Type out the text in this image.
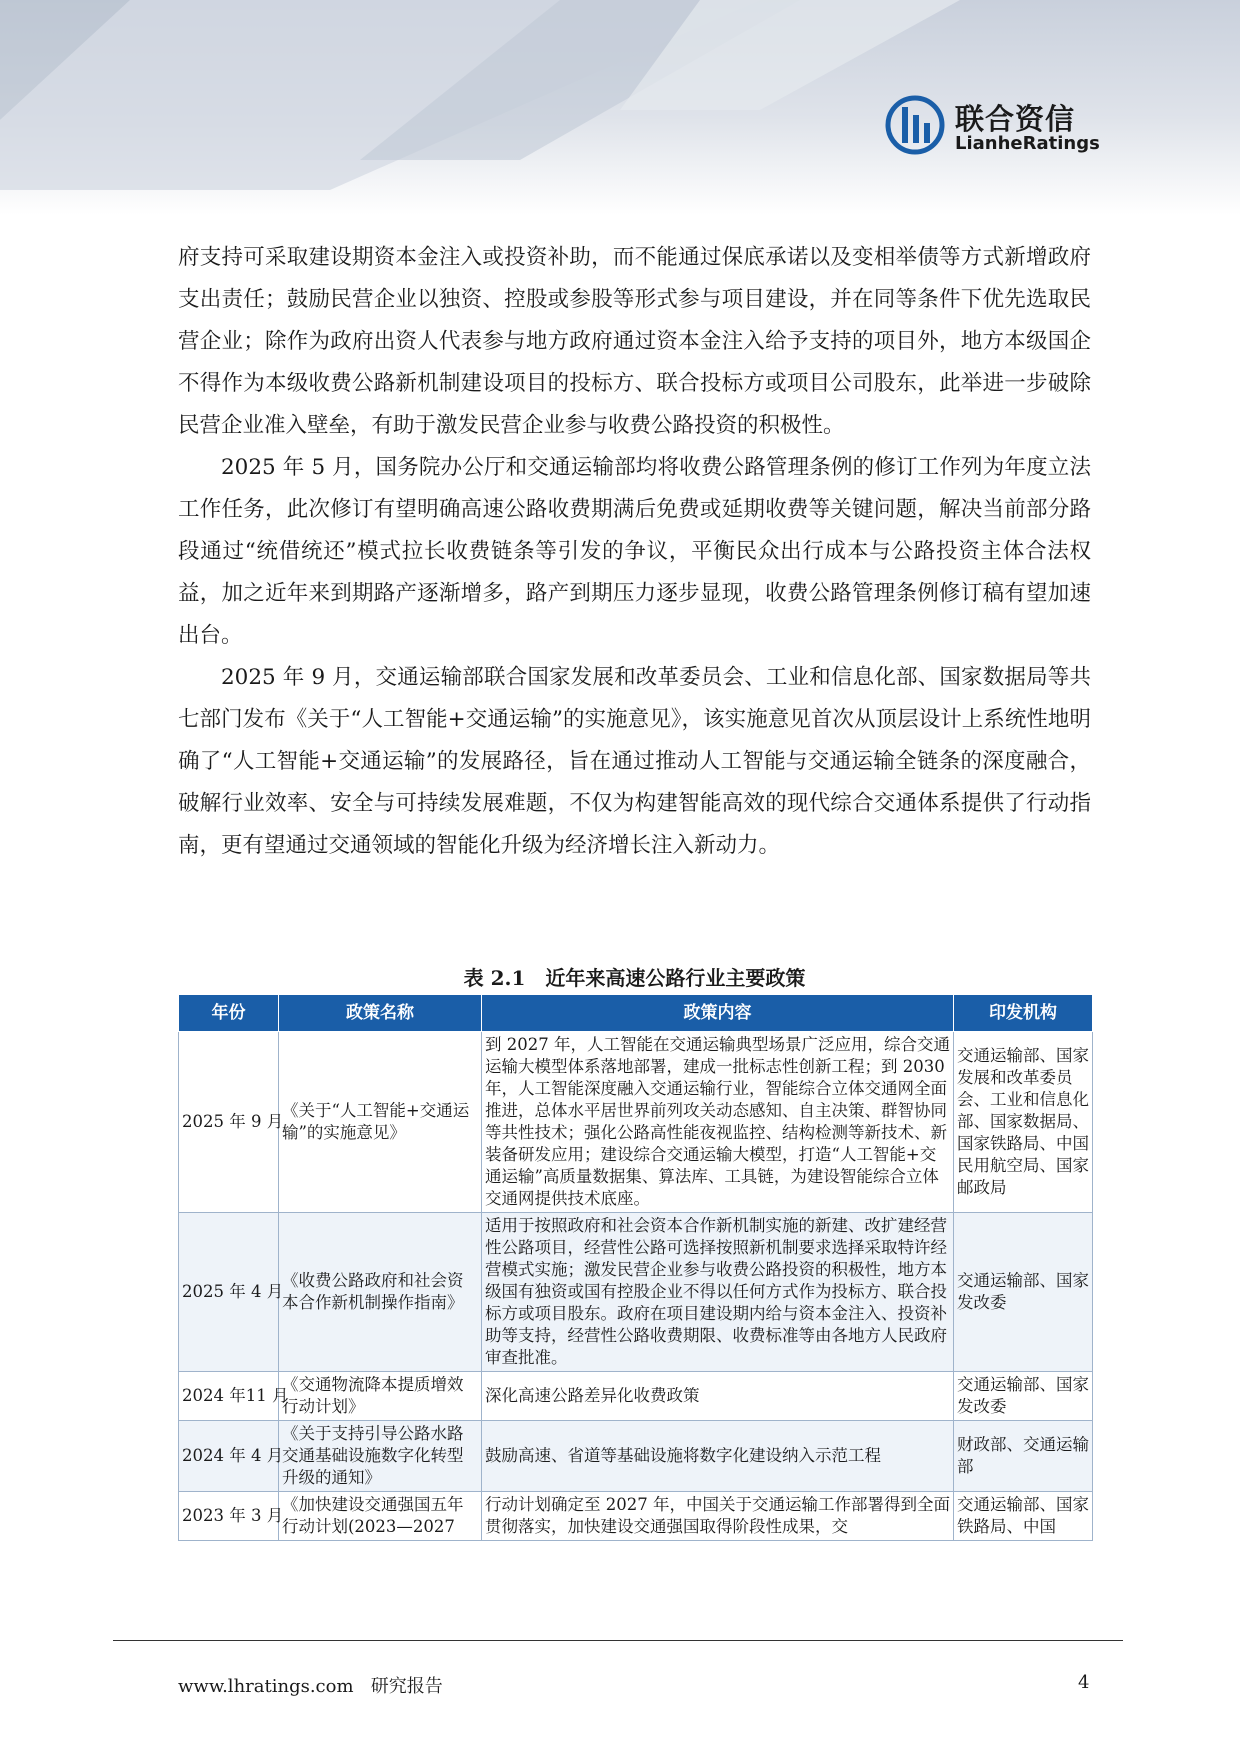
联合资信
LianheRatings

府支持可采取建设期资本金注入或投资补助，而不能通过保底承诺以及变相举债等方式新增政府支出责任；鼓励民营企业以独资、控股或参股等形式参与项目建设，并在同等条件下优先选取民营企业；除作为政府出资人代表参与地方政府通过资本金注入给予支持的项目外，地方本级国企不得作为本级收费公路新机制建设项目的投标方、联合投标方或项目公司股东，此举进一步破除民营企业准入壁垒，有助于激发民营企业参与收费公路投资的积极性。

2025 年 5 月，国务院办公厅和交通运输部均将收费公路管理条例的修订工作列为年度立法工作任务，此次修订有望明确高速公路收费期满后免费或延期收费等关键问题，解决当前部分路段通过“统借统还”模式拉长收费链条等引发的争议，平衡民众出行成本与公路投资主体合法权益，加之近年来到期路产逐渐增多，路产到期压力逐步显现，收费公路管理条例修订稿有望加速出台。

2025 年 9 月，交通运输部联合国家发展和改革委员会、工业和信息化部、国家数据局等共七部门发布《关于“人工智能+交通运输”的实施意见》，该实施意见首次从顶层设计上系统性地明确了“人工智能+交通运输”的发展路径，旨在通过推动人工智能与交通运输全链条的深度融合，破解行业效率、安全与可持续发展难题，不仅为构建智能高效的现代综合交通体系提供了行动指南，更有望通过交通领域的智能化升级为经济增长注入新动力。

表 2.1　近年来高速公路行业主要政策
年份	政策名称	政策内容	印发机构
2025 年 9 月	《关于“人工智能+交通运输”的实施意见》	到 2027 年，人工智能在交通运输典型场景广泛应用，综合交通运输大模型体系落地部署，建成一批标志性创新工程；到 2030 年，人工智能深度融入交通运输行业，智能综合立体交通网全面推进，总体水平居世界前列攻关动态感知、自主决策、群智协同等共性技术；强化公路高性能夜视监控、结构检测等新技术、新装备研发应用；建设综合交通运输大模型，打造“人工智能+交通运输”高质量数据集、算法库、工具链，为建设智能综合立体交通网提供技术底座。	交通运输部、国家发展和改革委员会、工业和信息化部、国家数据局、国家铁路局、中国民用航空局、国家邮政局
2025 年 4 月	《收费公路政府和社会资本合作新机制操作指南》	适用于按照政府和社会资本合作新机制实施的新建、改扩建经营性公路项目，经营性公路可选择按照新机制要求选择采取特许经营模式实施；激发民营企业参与收费公路投资的积极性，地方本级国有独资或国有控股企业不得以任何方式作为投标方、联合投标方或项目股东。政府在项目建设期内给与资本金注入、投资补助等支持，经营性公路收费期限、收费标准等由各地方人民政府审查批准。	交通运输部、国家发改委
2024 年11 月	《交通物流降本提质增效行动计划》	深化高速公路差异化收费政策	交通运输部、国家发改委
2024 年 4 月	《关于支持引导公路水路交通基础设施数字化转型升级的通知》	鼓励高速、省道等基础设施将数字化建设纳入示范工程	财政部、交通运输部
2023 年 3 月	《加快建设交通强国五年行动计划(2023—2027	行动计划确定至 2027 年，中国关于交通运输工作部署得到全面贯彻落实，加快建设交通强国取得阶段性成果，交	交通运输部、国家铁路局、中国
www.lhratings.com 研究报告	4
